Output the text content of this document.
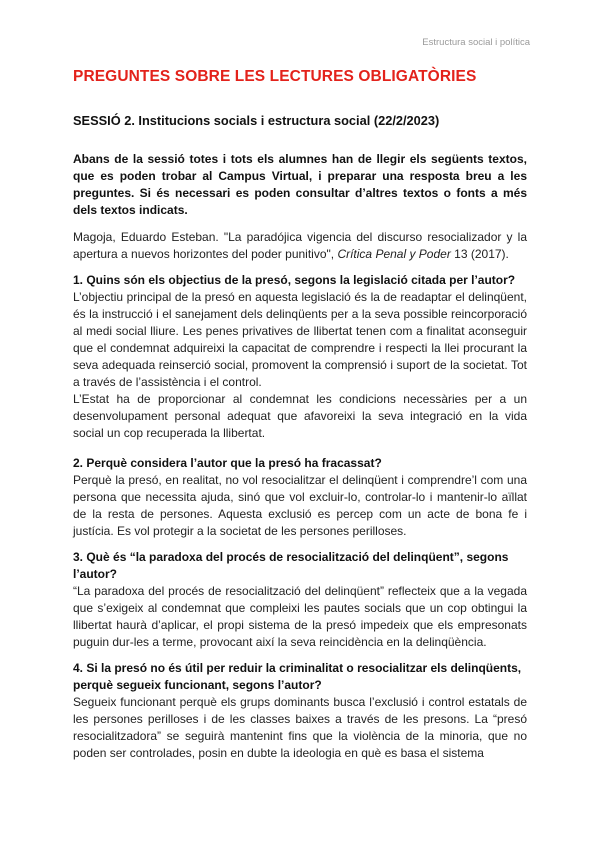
Estructura social i política
PREGUNTES SOBRE LES LECTURES OBLIGATÒRIES
SESSIÓ 2. Institucions socials i estructura social (22/2/2023)
Abans de la sessió totes i tots els alumnes han de llegir els següents textos, que es poden trobar al Campus Virtual, i preparar una resposta breu a les preguntes. Si és necessari es poden consultar d’altres textos o fonts a més dels textos indicats.
Magoja, Eduardo Esteban. "La paradójica vigencia del discurso resocializador y la apertura a nuevos horizontes del poder punitivo", Crítica Penal y Poder 13 (2017).

1. Quins són els objectius de la presó, segons la legislació citada per l’autor?

L’objectiu principal de la presó en aquesta legislació és la de readaptar el delinqüent, és la instrucció i el sanejament dels delinqüents per a la seva possible reincorporació al medi social lliure. Les penes privatives de llibertat tenen com a finalitat aconseguir que el condemnat adquireixi la capacitat de comprendre i respecti la llei procurant la seva adequada reinserció social, promovent la comprensió i suport de la societat. Tot a través de l’assistència i el control.

L’Estat ha de proporcionar al condemnat les condicions necessàries per a un desenvolupament personal adequat que afavoreixi la seva integració en la vida social un cop recuperada la llibertat.

2. Perquè considera l’autor que la presó ha fracassat?

Perquè la presó, en realitat, no vol resocialitzar el delinqüent i comprendre’l com una persona que necessita ajuda, sinó que vol excluir-lo, controlar-lo i mantenir-lo aïllat de la resta de persones. Aquesta exclusió es percep com un acte de bona fe i justícia. Es vol protegir a la societat de les persones perilloses.

3. Què és “la paradoxa del procés de resocialització del delinqüent”, segons l’autor?

“La paradoxa del procés de resocialització del delinqüent” reflecteix que a la vegada que s’exigeix al condemnat que compleixi les pautes socials que un cop obtingui la llibertat haurà d’aplicar, el propi sistema de la presó impedeix que els empresonats puguin dur-les a terme, provocant així la seva reincidència en la delinqüència.

4. Si la presó no és útil per reduir la criminalitat o resocialitzar els delinqüents, perquè segueix funcionant, segons l’autor?

Segueix funcionant perquè els grups dominants busca l’exclusió i control estatals de les persones perilloses i de les classes baixes a través de les presons. La “presó resocialitzadora” se seguirà mantenint fins que la violència de la minoria, que no poden ser controlades, posin en dubte la ideologia en què es basa el sistema
